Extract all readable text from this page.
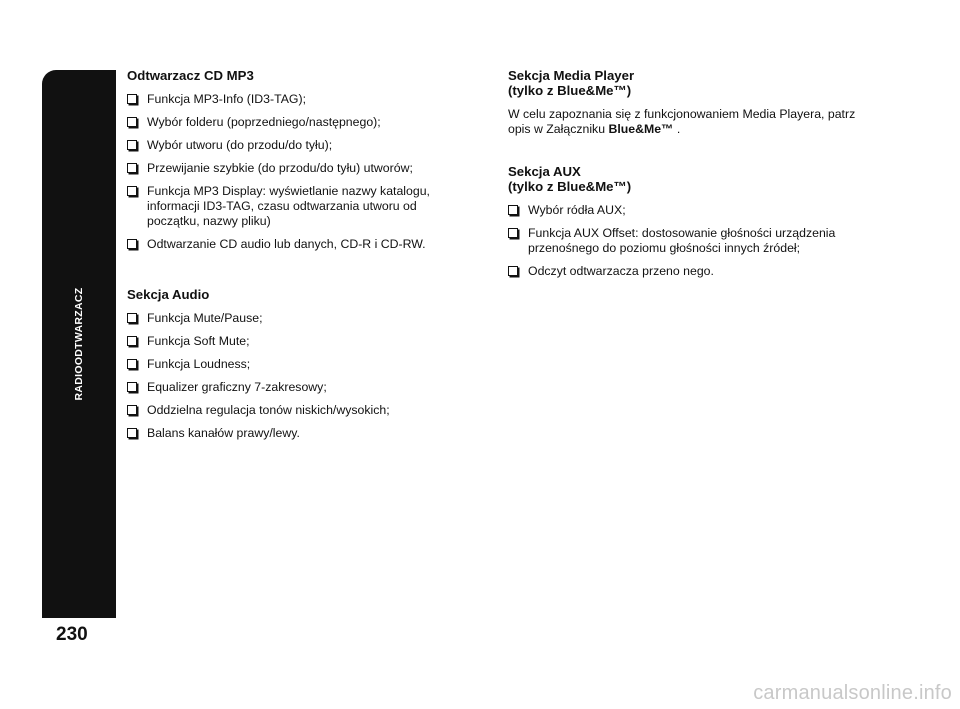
RADIOODTWARZACZ
230

Odtwarzacz CD MP3

Funkcja MP3-Info (ID3-TAG);
Wybór folderu (poprzedniego/następnego);
Wybór utworu (do przodu/do tyłu);
Przewijanie szybkie (do przodu/do tyłu) utworów;
Funkcja MP3 Display: wyświetlanie nazwy katalogu, informacji ID3-TAG, czasu odtwarzania utworu od początku, nazwy pliku)
Odtwarzanie CD audio lub danych, CD-R i CD-RW.

Sekcja Audio

Funkcja Mute/Pause;
Funkcja Soft Mute;
Funkcja Loudness;
Equalizer graficzny 7-zakresowy;
Oddzielna regulacja tonów niskich/wysokich;
Balans kanałów prawy/lewy.

Sekcja Media Player

(tylko z Blue&Me™)

W celu zapoznania się z funkcjonowaniem Media Playera, patrz opis w Załączniku Blue&Me™ .

Sekcja AUX

(tylko z Blue&Me™)

Wybór ródła AUX;
Funkcja AUX Offset: dostosowanie głośności urządzenia przenośnego do poziomu głośności innych źródeł;
Odczyt odtwarzacza przeno nego.
carmanualsonline.info
